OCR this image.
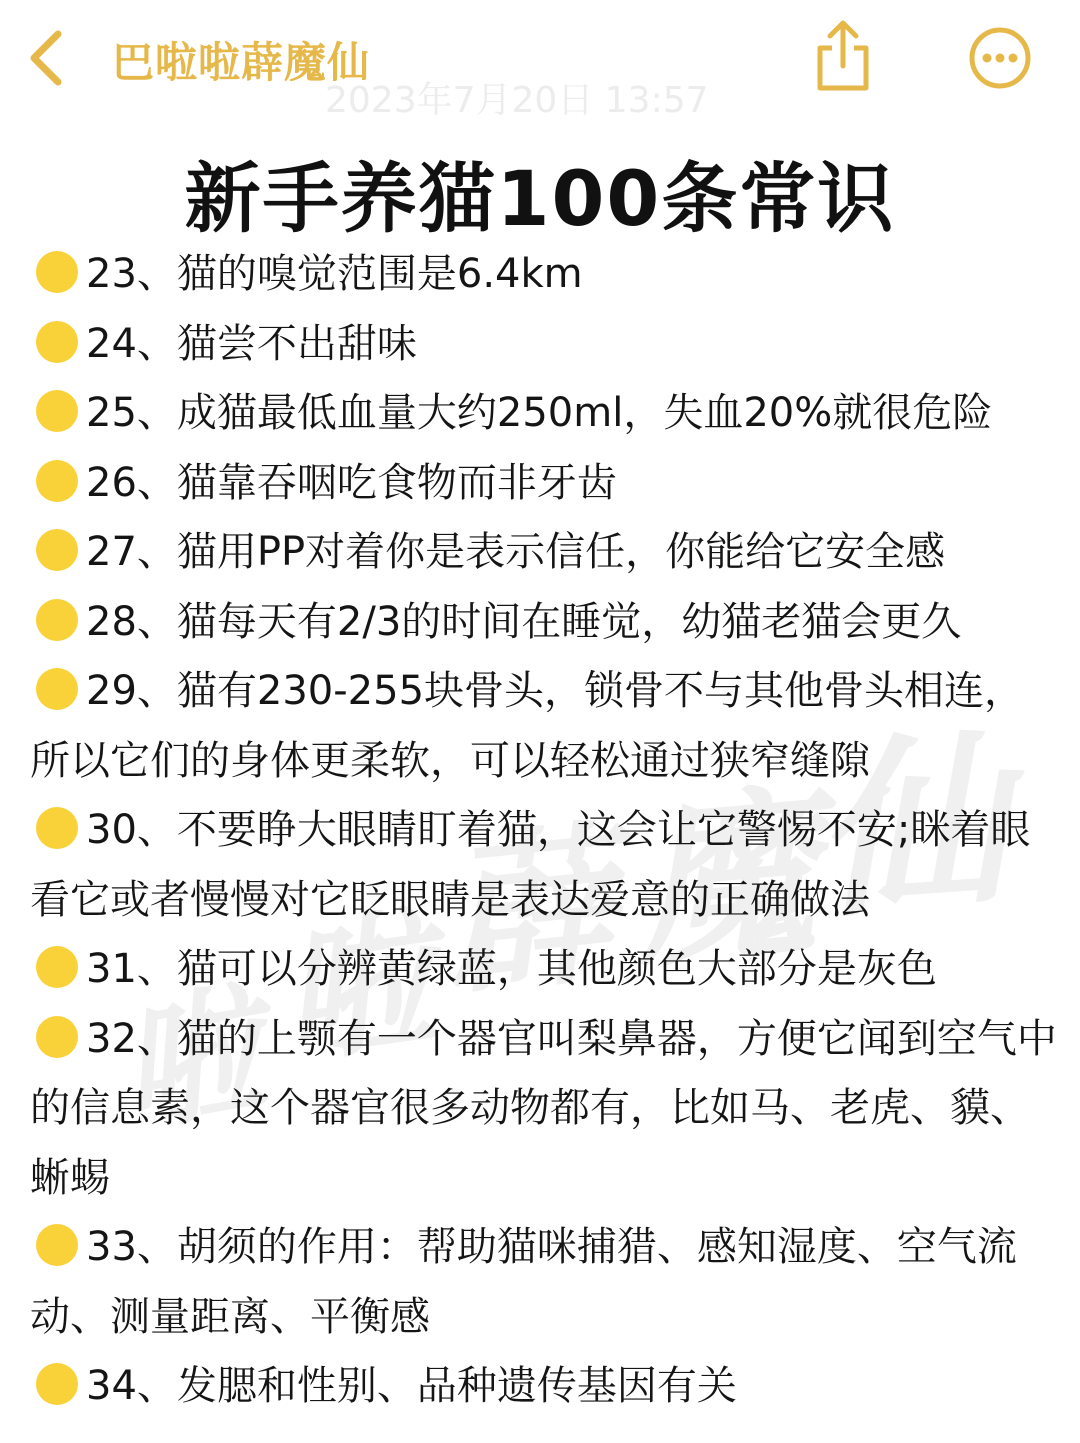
啦
啦
薜 魔
仙
巴啦啦薜魔仙
2023年7月20日 13:57
新手养猫100条常识
23、猫的嗅觉范围是6.4km
24、猫尝不出甜味
25、成猫最低血量大约250ml，失血20%就很危险
26、猫靠吞咽吃食物而非牙齿
27、猫用PP对着你是表示信任，你能给它安全感
28、猫每天有2/3的时间在睡觉，幼猫老猫会更久
29、猫有230-255块骨头，锁骨不与其他骨头相连，所以它们的身体更柔软，可以轻松通过狭窄缝隙
30、不要睁大眼睛盯着猫，这会让它警惕不安;眯着眼看它或者慢慢对它眨眼睛是表达爱意的正确做法
31、猫可以分辨黄绿蓝，其他颜色大部分是灰色
32、猫的上颚有一个器官叫梨鼻器，方便它闻到空气中的信息素，这个器官很多动物都有，比如马、老虎、貘、蜥蜴
33、胡须的作用：帮助猫咪捕猎、感知湿度、空气流动、测量距离、平衡感
34、发腮和性别、品种遗传基因有关
